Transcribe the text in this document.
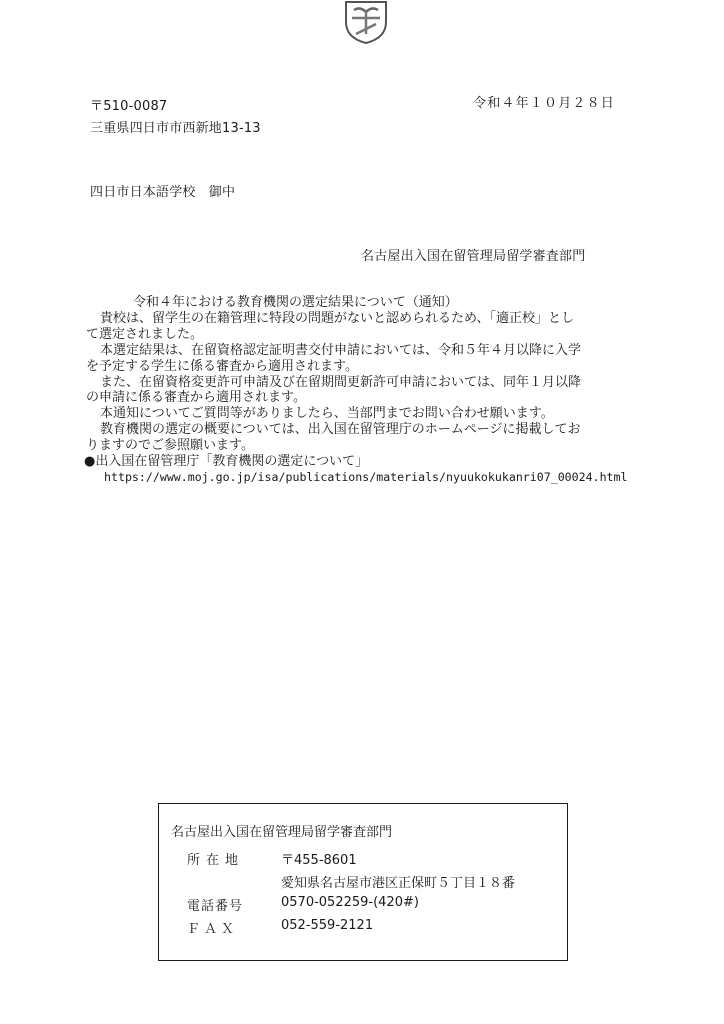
令和４年１０月２８日
〒510-0087
三重県四日市市西新地13-13
四日市日本語学校　御中
名古屋出入国在留管理局留学審査部門

令和４年における教育機関の選定結果について（通知）

貴校は、留学生の在籍管理に特段の問題がないと認められるため、「適正校」とし

て選定されました。

本選定結果は、在留資格認定証明書交付申請においては、令和５年４月以降に入学

を予定する学生に係る審査から適用されます。

また、在留資格変更許可申請及び在留期間更新許可申請においては、同年１月以降

の申請に係る審査から適用されます。

本通知についてご質問等がありましたら、当部門までお問い合わせ願います。

教育機関の選定の概要については、出入国在留管理庁のホームページに掲載してお

りますのでご参照願います。

●出入国在留管理庁「教育機関の選定について」

https://www.moj.go.jp/isa/publications/materials/nyuukokukanri07_00024.html

名古屋出入国在留管理局留学審査部門
所在地	〒455-8601
愛知県名古屋市港区正保町５丁目１８番
電話番号	0570-052259-(420#)
ＦＡＸ	052-559-2121
